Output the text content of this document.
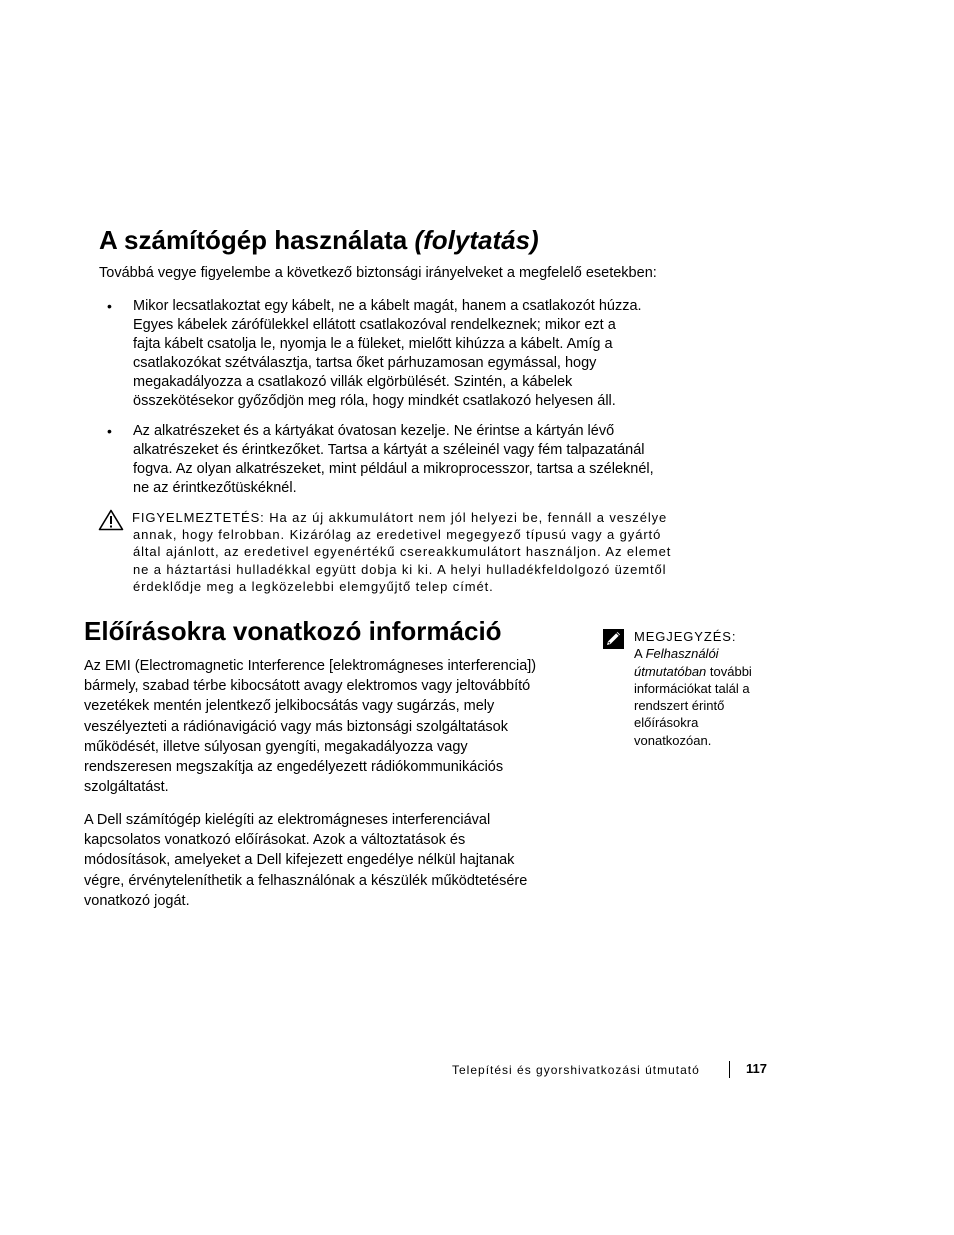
A számítógép használata (folytatás)
Továbbá vegye figyelembe a következő biztonsági irányelveket a megfelelő esetekben:
• Mikor lecsatlakoztat egy kábelt, ne a kábelt magát, hanem a csatlakozót húzza.
Egyes kábelek zárófülekkel ellátott csatlakozóval rendelkeznek; mikor ezt a
fajta kábelt csatolja le, nyomja le a füleket, mielőtt kihúzza a kábelt. Amíg a
csatlakozókat szétválasztja, tartsa őket párhuzamosan egymással, hogy
megakadályozza a csatlakozó villák elgörbülését. Szintén, a kábelek
összekötésekor győződjön meg róla, hogy mindkét csatlakozó helyesen áll.
• Az alkatrészeket és a kártyákat óvatosan kezelje. Ne érintse a kártyán lévő
alkatrészeket és érintkezőket. Tartsa a kártyát a széleinél vagy fém talpazatánál
fogva. Az olyan alkatrészeket, mint például a mikroprocesszor, tartsa a széleknél,
ne az érintkezőtüskéknél.
FIGYELMEZTETÉS: Ha az új akkumulátort nem jól helyezi be, fennáll a veszélye
annak, hogy felrobban. Kizárólag az eredetivel megegyező típusú vagy a gyártó
által ajánlott, az eredetivel egyenértékű csereakkumulátort használjon. Az elemet
ne a háztartási hulladékkal együtt dobja ki ki. A helyi hulladékfeldolgozó üzemtől
érdeklődje meg a legközelebbi elemgyűjtő telep címét.
Előírásokra vonatkozó információ
Az EMI (Electromagnetic Interference [elektromágneses interferencia])
bármely, szabad térbe kibocsátott avagy elektromos vagy jeltovábbító
vezetékek mentén jelentkező jelkibocsátás vagy sugárzás, mely
veszélyezteti a rádiónavigáció vagy más biztonsági szolgáltatások
működését, illetve súlyosan gyengíti, megakadályozza vagy
rendszeresen megszakítja az engedélyezett rádiókommunikációs
szolgáltatást.
A Dell számítógép kielégíti az elektromágneses interferenciával
kapcsolatos vonatkozó előírásokat. Azok a változtatások és
módosítások, amelyeket a Dell kifejezett engedélye nélkül hajtanak
végre, érvényteleníthetik a felhasználónak a készülék működtetésére
vonatkozó jogát.
MEGJEGYZÉS:
A Felhasználói
útmutatóban további
információkat talál a
rendszert érintő
előírásokra
vonatkozóan.
Telepítési és gyorshivatkozási útmutató	117
